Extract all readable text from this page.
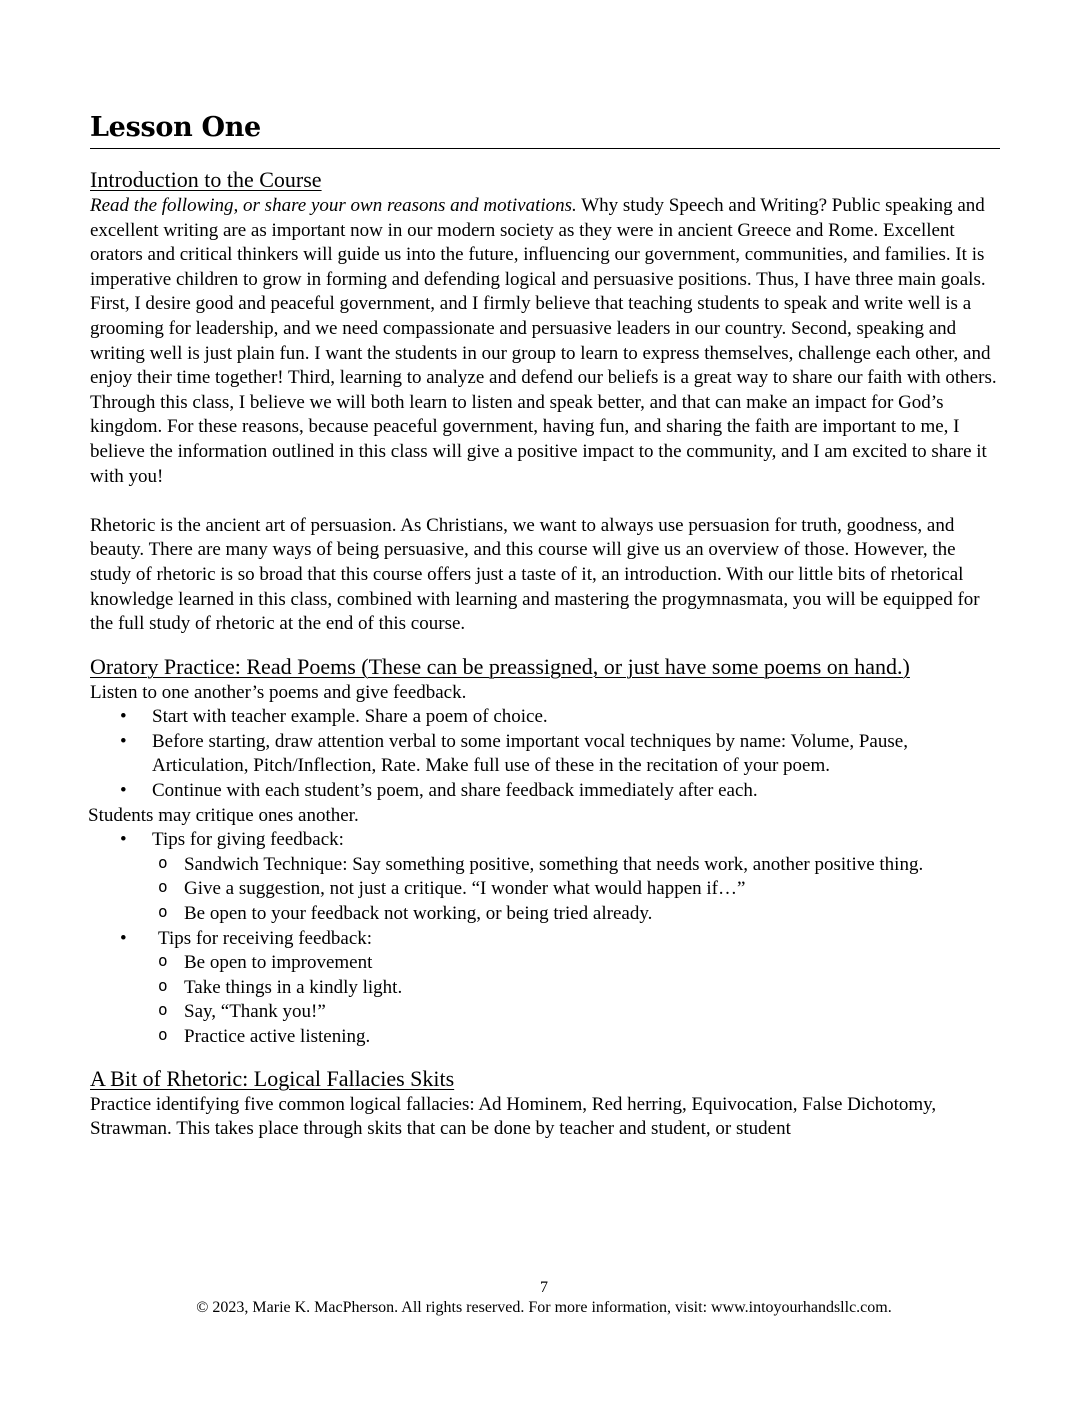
Lesson One
Introduction to the Course

Read the following, or share your own reasons and motivations. Why study Speech and Writing? Public speaking and excellent writing are as important now in our modern society as they were in ancient Greece and Rome. Excellent orators and critical thinkers will guide us into the future, influencing our government, communities, and families. It is imperative children to grow in forming and defending logical and persuasive positions. Thus, I have three main goals. First, I desire good and peaceful government, and I firmly believe that teaching students to speak and write well is a grooming for leadership, and we need compassionate and persuasive leaders in our country. Second, speaking and writing well is just plain fun. I want the students in our group to learn to express themselves, challenge each other, and enjoy their time together! Third, learning to analyze and defend our beliefs is a great way to share our faith with others. Through this class, I believe we will both learn to listen and speak better, and that can make an impact for God’s kingdom. For these reasons, because peaceful government, having fun, and sharing the faith are important to me, I believe the information outlined in this class will give a positive impact to the community, and I am excited to share it with you!

Rhetoric is the ancient art of persuasion. As Christians, we want to always use persuasion for truth, goodness, and beauty. There are many ways of being persuasive, and this course will give us an overview of those. However, the study of rhetoric is so broad that this course offers just a taste of it, an introduction. With our little bits of rhetorical knowledge learned in this class, combined with learning and mastering the progymnasmata, you will be equipped for the full study of rhetoric at the end of this course.

Oratory Practice: Read Poems (These can be preassigned, or just have some poems on hand.)

Listen to one another’s poems and give feedback.

• Start with teacher example. Share a poem of choice.
• Before starting, draw attention verbal to some important vocal techniques by name: Volume, Pause, Articulation, Pitch/Inflection, Rate. Make full use of these in the recitation of your poem.
• Continue with each student’s poem, and share feedback immediately after each.

Students may critique ones another.

• Tips for giving feedback:
o Sandwich Technique: Say something positive, something that needs work, another positive thing.
o Give a suggestion, not just a critique. “I wonder what would happen if…”
o Be open to your feedback not working, or being tried already.
• Tips for receiving feedback:
o Be open to improvement
o Take things in a kindly light.
o Say, “Thank you!”
o Practice active listening.
A Bit of Rhetoric: Logical Fallacies Skits

Practice identifying five common logical fallacies: Ad Hominem, Red herring, Equivocation, False Dichotomy, Strawman. This takes place through skits that can be done by teacher and student, or student

7
© 2023, Marie K. MacPherson. All rights reserved. For more information, visit: www.intoyourhandsllc.com.
